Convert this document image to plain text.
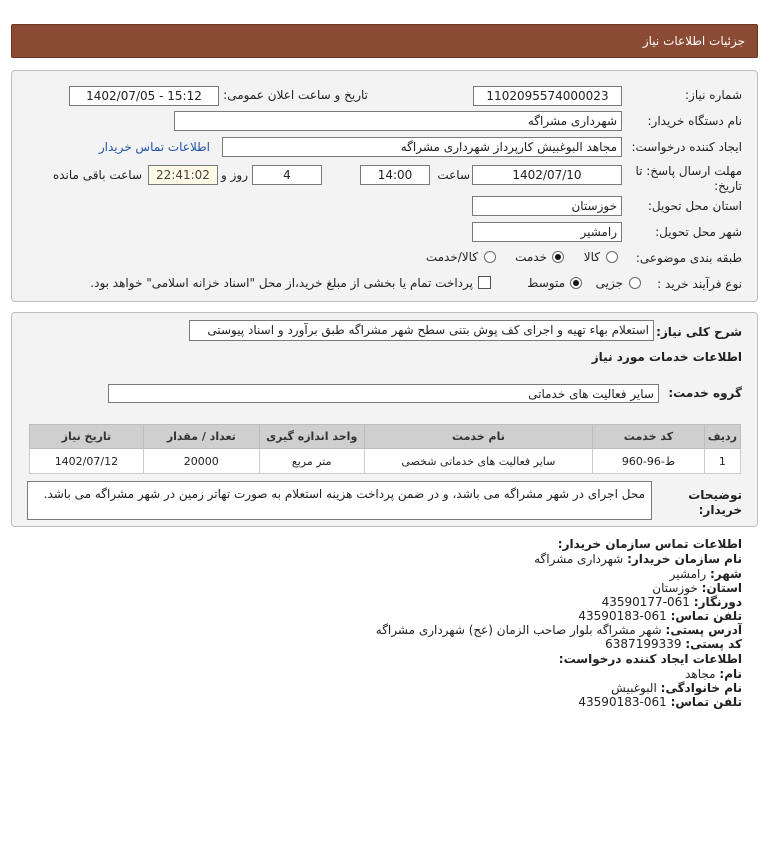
جزئیات اطلاعات نیاز
شماره نیاز:
1102095574000023
تاریخ و ساعت اعلان عمومی:
1402/07/05 - 15:12
نام دستگاه خریدار:
شهرداری مشراگه
ایجاد کننده درخواست:
مجاهد البوغبیش کارپرداز شهرداری مشراگه
اطلاعات تماس خریدار
مهلت ارسال پاسخ: تا
تاریخ:
1402/07/10
ساعت
14:00
4
روز و
22:41:02
ساعت باقی مانده
استان محل تحویل:
خوزستان
شهر محل تحویل:
رامشیر
طبقه بندی موضوعی:
کالا
خدمت
کالا/خدمت
نوع فرآیند خرید :
جزیی
متوسط
پرداخت تمام یا بخشی از مبلغ خرید،از محل "اسناد خزانه اسلامی" خواهد بود.
شرح کلی نیاز:
استعلام بهاء تهیه و اجرای کف پوش بتنی سطح شهر مشراگه طبق برآورد و اسناد پیوستی
اطلاعات خدمات مورد نیاز
گروه خدمت:
سایر فعالیت های خدماتی
ردیف	کد خدمت	نام خدمت	واحد اندازه گیری	تعداد / مقدار	تاریخ نیاز
1	ط-96-960	سایر فعالیت های خدماتی شخصی	متر مربع	20000	1402/07/12
توضیحات خریدار:
محل اجرای در شهر مشراگه می باشد، و در ضمن پرداخت هزینه استعلام به صورت تهاتر زمین در شهر مشراگه می باشد.
اطلاعات تماس سازمان خریدار:
نام سازمان خریدار: شهرداری مشراگه
شهر: رامشیر
استان: خوزستان
دورنگار: 061-43590177
تلفن تماس: 061-43590183
آدرس پستی: شهر مشراگه بلوار صاحب الزمان (عج) شهرداری مشراگه
کد پستی: 6387199339
اطلاعات ایجاد کننده درخواست:
نام: مجاهد
نام خانوادگی: البوغبیش
تلفن تماس: 061-43590183
